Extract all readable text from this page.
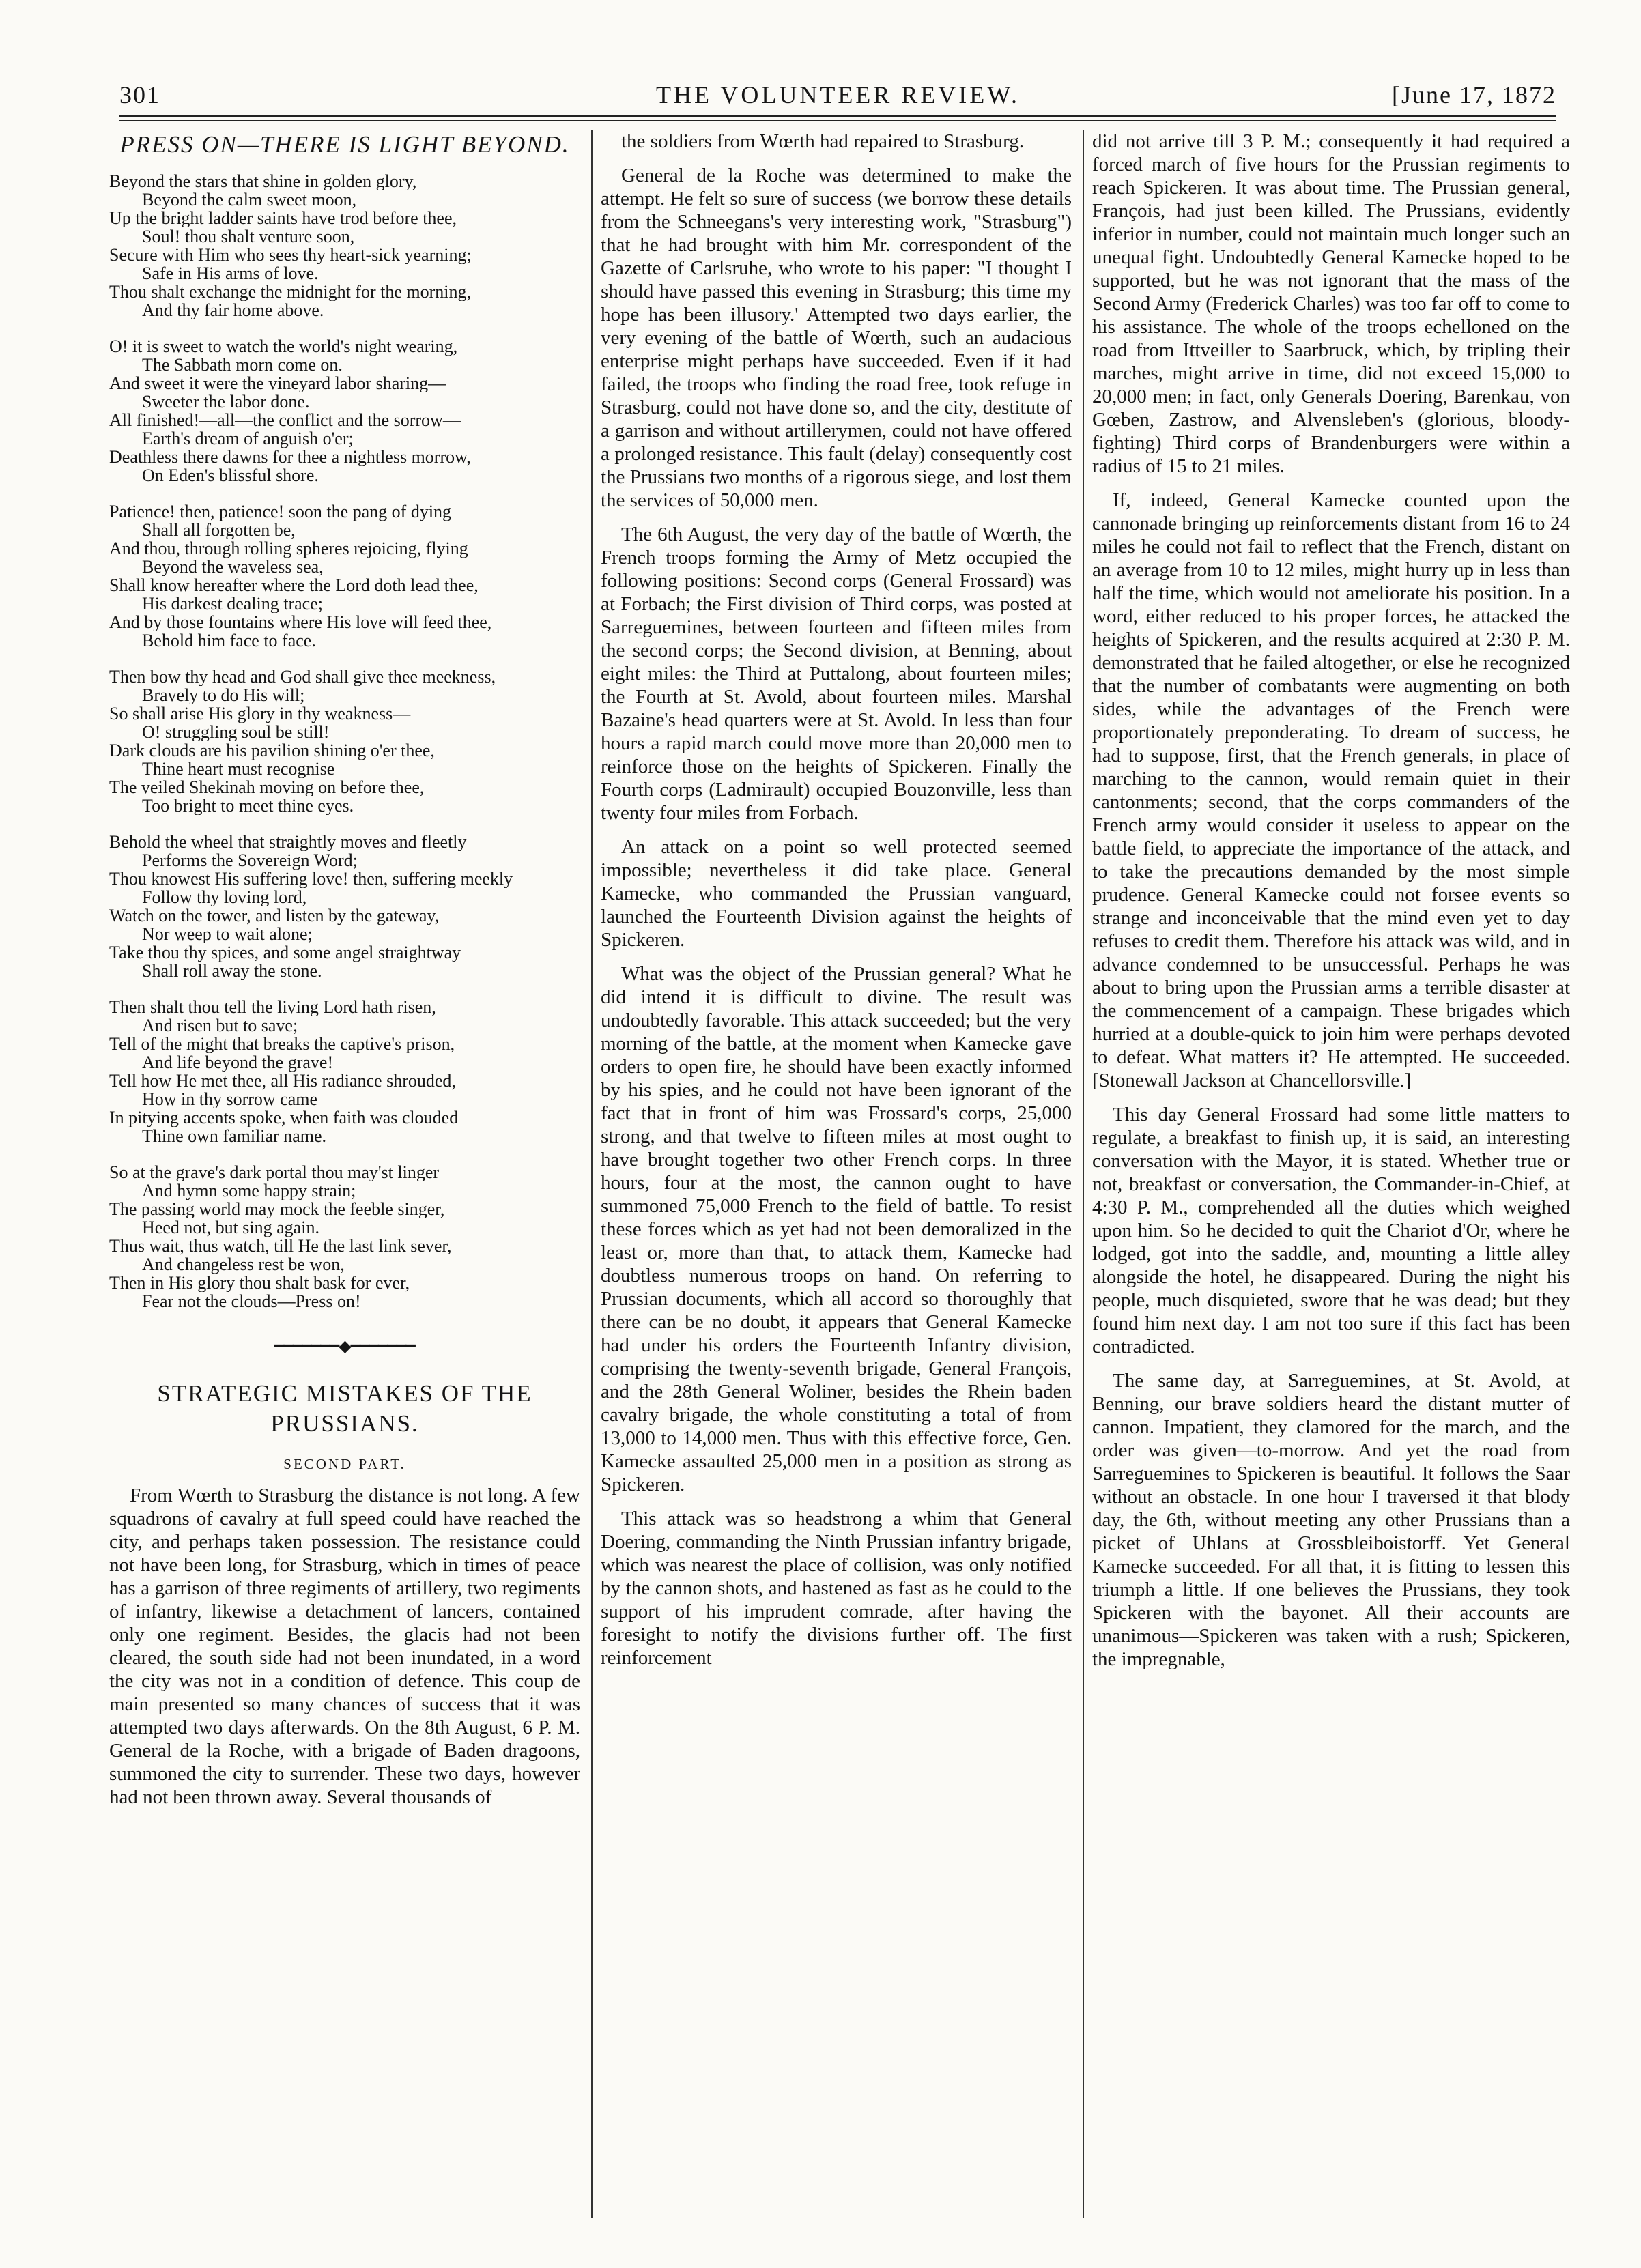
301	THE VOLUNTEER REVIEW.	[June 17, 1872
PRESS ON—THERE IS LIGHT BEYOND.
Beyond the stars that shine in golden glory,
Beyond the calm sweet moon,
Up the bright ladder saints have trod before thee,
Soul! thou shalt venture soon,
Secure with Him who sees thy heart-sick yearning;
Safe in His arms of love.
Thou shalt exchange the midnight for the morning,
And thy fair home above.
O! it is sweet to watch the world's night wearing,
The Sabbath morn come on.
And sweet it were the vineyard labor sharing—
Sweeter the labor done.
All finished!—all—the conflict and the sorrow—
Earth's dream of anguish o'er;
Deathless there dawns for thee a nightless morrow,
On Eden's blissful shore.
Patience! then, patience! soon the pang of dying
Shall all forgotten be,
And thou, through rolling spheres rejoicing, flying
Beyond the waveless sea,
Shall know hereafter where the Lord doth lead thee,
His darkest dealing trace;
And by those fountains where His love will feed thee,
Behold him face to face.
Then bow thy head and God shall give thee meekness,
Bravely to do His will;
So shall arise His glory in thy weakness—
O! struggling soul be still!
Dark clouds are his pavilion shining o'er thee,
Thine heart must recognise
The veiled Shekinah moving on before thee,
Too bright to meet thine eyes.
Behold the wheel that straightly moves and fleetly
Performs the Sovereign Word;
Thou knowest His suffering love! then, suffering meekly
Follow thy loving lord,
Watch on the tower, and listen by the gateway,
Nor weep to wait alone;
Take thou thy spices, and some angel straightway
Shall roll away the stone.
Then shalt thou tell the living Lord hath risen,
And risen but to save;
Tell of the might that breaks the captive's prison,
And life beyond the grave!
Tell how He met thee, all His radiance shrouded,
How in thy sorrow came
In pitying accents spoke, when faith was clouded
Thine own familiar name.
So at the grave's dark portal thou may'st linger
And hymn some happy strain;
The passing world may mock the feeble singer,
Heed not, but sing again.
Thus wait, thus watch, till He the last link sever,
And changeless rest be won,
Then in His glory thou shalt bask for ever,
Fear not the clouds—Press on!
━━━━━━━◆━━━━━━━
STRATEGIC MISTAKES OF THE PRUSSIANS.
SECOND PART.

From Wœrth to Strasburg the distance is not long. A few squadrons of cavalry at full speed could have reached the city, and perhaps taken possession. The resistance could not have been long, for Strasburg, which in times of peace has a garrison of three regiments of artillery, two regiments of infantry, likewise a detachment of lancers, contained only one regiment. Besides, the glacis had not been cleared, the south side had not been inundated, in a word the city was not in a condition of defence. This coup de main presented so many chances of success that it was attempted two days afterwards. On the 8th August, 6 P. M. General de la Roche, with a brigade of Baden dragoons, summoned the city to surrender. These two days, however had not been thrown away. Several thousands of

the soldiers from Wœrth had repaired to Strasburg.

General de la Roche was determined to make the attempt. He felt so sure of success (we borrow these details from the Schneegans's very interesting work, "Strasburg") that he had brought with him Mr. correspondent of the Gazette of Carlsruhe, who wrote to his paper: "I thought I should have passed this evening in Strasburg; this time my hope has been illusory.' Attempted two days earlier, the very evening of the battle of Wœrth, such an audacious enterprise might perhaps have succeeded. Even if it had failed, the troops who finding the road free, took refuge in Strasburg, could not have done so, and the city, destitute of a garrison and without artillerymen, could not have offered a prolonged resistance. This fault (delay) consequently cost the Prussians two months of a rigorous siege, and lost them the services of 50,000 men.

The 6th August, the very day of the battle of Wœrth, the French troops forming the Army of Metz occupied the following positions: Second corps (General Frossard) was at Forbach; the First division of Third corps, was posted at Sarreguemines, between fourteen and fifteen miles from the second corps; the Second division, at Benning, about eight miles: the Third at Puttalong, about fourteen miles; the Fourth at St. Avold, about fourteen miles. Marshal Bazaine's head quarters were at St. Avold. In less than four hours a rapid march could move more than 20,000 men to reinforce those on the heights of Spickeren. Finally the Fourth corps (Ladmirault) occupied Bouzonville, less than twenty four miles from Forbach.

An attack on a point so well protected seemed impossible; nevertheless it did take place. General Kamecke, who commanded the Prussian vanguard, launched the Fourteenth Division against the heights of Spickeren.

What was the object of the Prussian general? What he did intend it is difficult to divine. The result was undoubtedly favorable. This attack succeeded; but the very morning of the battle, at the moment when Kamecke gave orders to open fire, he should have been exactly informed by his spies, and he could not have been ignorant of the fact that in front of him was Frossard's corps, 25,000 strong, and that twelve to fifteen miles at most ought to have brought together two other French corps. In three hours, four at the most, the cannon ought to have summoned 75,000 French to the field of battle. To resist these forces which as yet had not been demoralized in the least or, more than that, to attack them, Kamecke had doubtless numerous troops on hand. On referring to Prussian documents, which all accord so thoroughly that there can be no doubt, it appears that General Kamecke had under his orders the Fourteenth Infantry division, comprising the twenty-seventh brigade, General François, and the 28th General Woliner, besides the Rhein baden cavalry brigade, the whole constituting a total of from 13,000 to 14,000 men. Thus with this effective force, Gen. Kamecke assaulted 25,000 men in a position as strong as Spickeren.

This attack was so headstrong a whim that General Doering, commanding the Ninth Prussian infantry brigade, which was nearest the place of collision, was only notified by the cannon shots, and hastened as fast as he could to the support of his imprudent comrade, after having the foresight to notify the divisions further off. The first reinforcement

did not arrive till 3 P. M.; consequently it had required a forced march of five hours for the Prussian regiments to reach Spickeren. It was about time. The Prussian general, François, had just been killed. The Prussians, evidently inferior in number, could not maintain much longer such an unequal fight. Undoubtedly General Kamecke hoped to be supported, but he was not ignorant that the mass of the Second Army (Frederick Charles) was too far off to come to his assistance. The whole of the troops echelloned on the road from Ittveiller to Saarbruck, which, by tripling their marches, might arrive in time, did not exceed 15,000 to 20,000 men; in fact, only Generals Doering, Barenkau, von Gœben, Zastrow, and Alvensleben's (glorious, bloody-fighting) Third corps of Brandenburgers were within a radius of 15 to 21 miles.

If, indeed, General Kamecke counted upon the cannonade bringing up reinforcements distant from 16 to 24 miles he could not fail to reflect that the French, distant on an average from 10 to 12 miles, might hurry up in less than half the time, which would not ameliorate his position. In a word, either reduced to his proper forces, he attacked the heights of Spickeren, and the results acquired at 2:30 P. M. demonstrated that he failed altogether, or else he recognized that the number of combatants were augmenting on both sides, while the advantages of the French were proportionately preponderating. To dream of success, he had to suppose, first, that the French generals, in place of marching to the cannon, would remain quiet in their cantonments; second, that the corps commanders of the French army would consider it useless to appear on the battle field, to appreciate the importance of the attack, and to take the precautions demanded by the most simple prudence. General Kamecke could not forsee events so strange and inconceivable that the mind even yet to day refuses to credit them. Therefore his attack was wild, and in advance condemned to be unsuccessful. Perhaps he was about to bring upon the Prussian arms a terrible disaster at the commencement of a campaign. These brigades which hurried at a double-quick to join him were perhaps devoted to defeat. What matters it? He attempted. He succeeded. [Stonewall Jackson at Chancellorsville.]

This day General Frossard had some little matters to regulate, a breakfast to finish up, it is said, an interesting conversation with the Mayor, it is stated. Whether true or not, breakfast or conversation, the Commander-in-Chief, at 4:30 P. M., comprehended all the duties which weighed upon him. So he decided to quit the Chariot d'Or, where he lodged, got into the saddle, and, mounting a little alley alongside the hotel, he disappeared. During the night his people, much disquieted, swore that he was dead; but they found him next day. I am not too sure if this fact has been contradicted.

The same day, at Sarreguemines, at St. Avold, at Benning, our brave soldiers heard the distant mutter of cannon. Impatient, they clamored for the march, and the order was given—to-morrow. And yet the road from Sarreguemines to Spickeren is beautiful. It follows the Saar without an obstacle. In one hour I traversed it that blody day, the 6th, without meeting any other Prussians than a picket of Uhlans at Grossbleiboistorff. Yet General Kamecke succeeded. For all that, it is fitting to lessen this triumph a little. If one believes the Prussians, they took Spickeren with the bayonet. All their accounts are unanimous—Spickeren was taken with a rush; Spickeren, the impregnable,
